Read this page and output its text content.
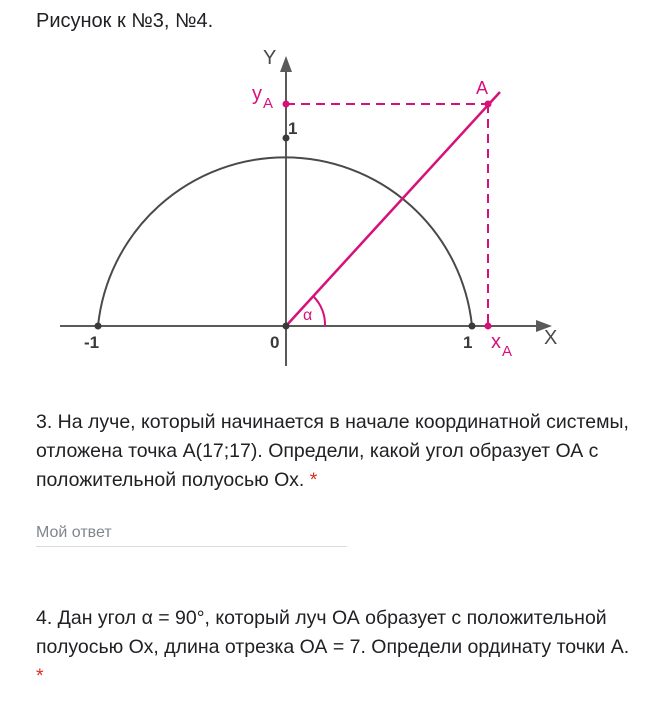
Рисунок к №3, №4.
Y
X
y A
x A
A
1
1
-1	0
α
3. На луче, который начинается в начале координатной системы, отложена точка А(17;17). Определи, какой угол образует ОА с положительной полуосью Ох. *
Мой ответ
4. Дан угол α = 90°, который луч ОА образует с положительной полуосью Ох, длина отрезка ОА = 7. Определи ординату точки А. *
